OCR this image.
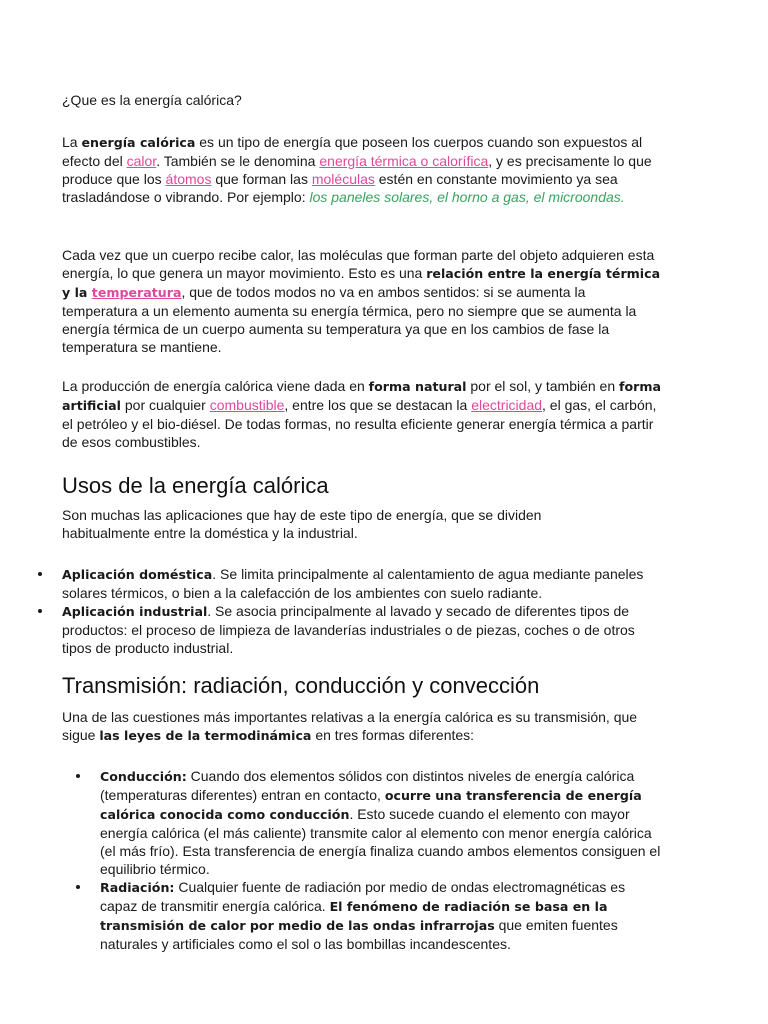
¿Que es la energía calórica?

La energía calórica es un tipo de energía que poseen los cuerpos cuando son expuestos al efecto del calor. También se le denomina energía térmica o calorífica, y es precisamente lo que produce que los átomos que forman las moléculas estén en constante movimiento ya sea trasladándose o vibrando. Por ejemplo: los paneles solares, el horno a gas, el microondas.

Cada vez que un cuerpo recibe calor, las moléculas que forman parte del objeto adquieren esta energía, lo que genera un mayor movimiento. Esto es una relación entre la energía térmica y la temperatura, que de todos modos no va en ambos sentidos: si se aumenta la temperatura a un elemento aumenta su energía térmica, pero no siempre que se aumenta la energía térmica de un cuerpo aumenta su temperatura ya que en los cambios de fase la temperatura se mantiene.

La producción de energía calórica viene dada en forma natural por el sol, y también en forma artificial por cualquier combustible, entre los que se destacan la electricidad, el gas, el carbón, el petróleo y el bio-diésel. De todas formas, no resulta eficiente generar energía térmica a partir de esos combustibles.

Usos de la energía calórica

Son muchas las aplicaciones que hay de este tipo de energía, que se dividen habitualmente entre la doméstica y la industrial.

Aplicación doméstica. Se limita principalmente al calentamiento de agua mediante paneles solares térmicos, o bien a la calefacción de los ambientes con suelo radiante.
Aplicación industrial. Se asocia principalmente al lavado y secado de diferentes tipos de productos: el proceso de limpieza de lavanderías industriales o de piezas, coches o de otros tipos de producto industrial.
Transmisión: radiación, conducción y convección

Una de las cuestiones más importantes relativas a la energía calórica es su transmisión, que sigue las leyes de la termodinámica en tres formas diferentes:

Conducción: Cuando dos elementos sólidos con distintos niveles de energía calórica (temperaturas diferentes) entran en contacto, ocurre una transferencia de energía calórica conocida como conducción. Esto sucede cuando el elemento con mayor energía calórica (el más caliente) transmite calor al elemento con menor energía calórica (el más frío). Esta transferencia de energía finaliza cuando ambos elementos consiguen el equilibrio térmico.
Radiación: Cualquier fuente de radiación por medio de ondas electromagnéticas es capaz de transmitir energía calórica. El fenómeno de radiación se basa en la transmisión de calor por medio de las ondas infrarrojas que emiten fuentes naturales y artificiales como el sol o las bombillas incandescentes.
